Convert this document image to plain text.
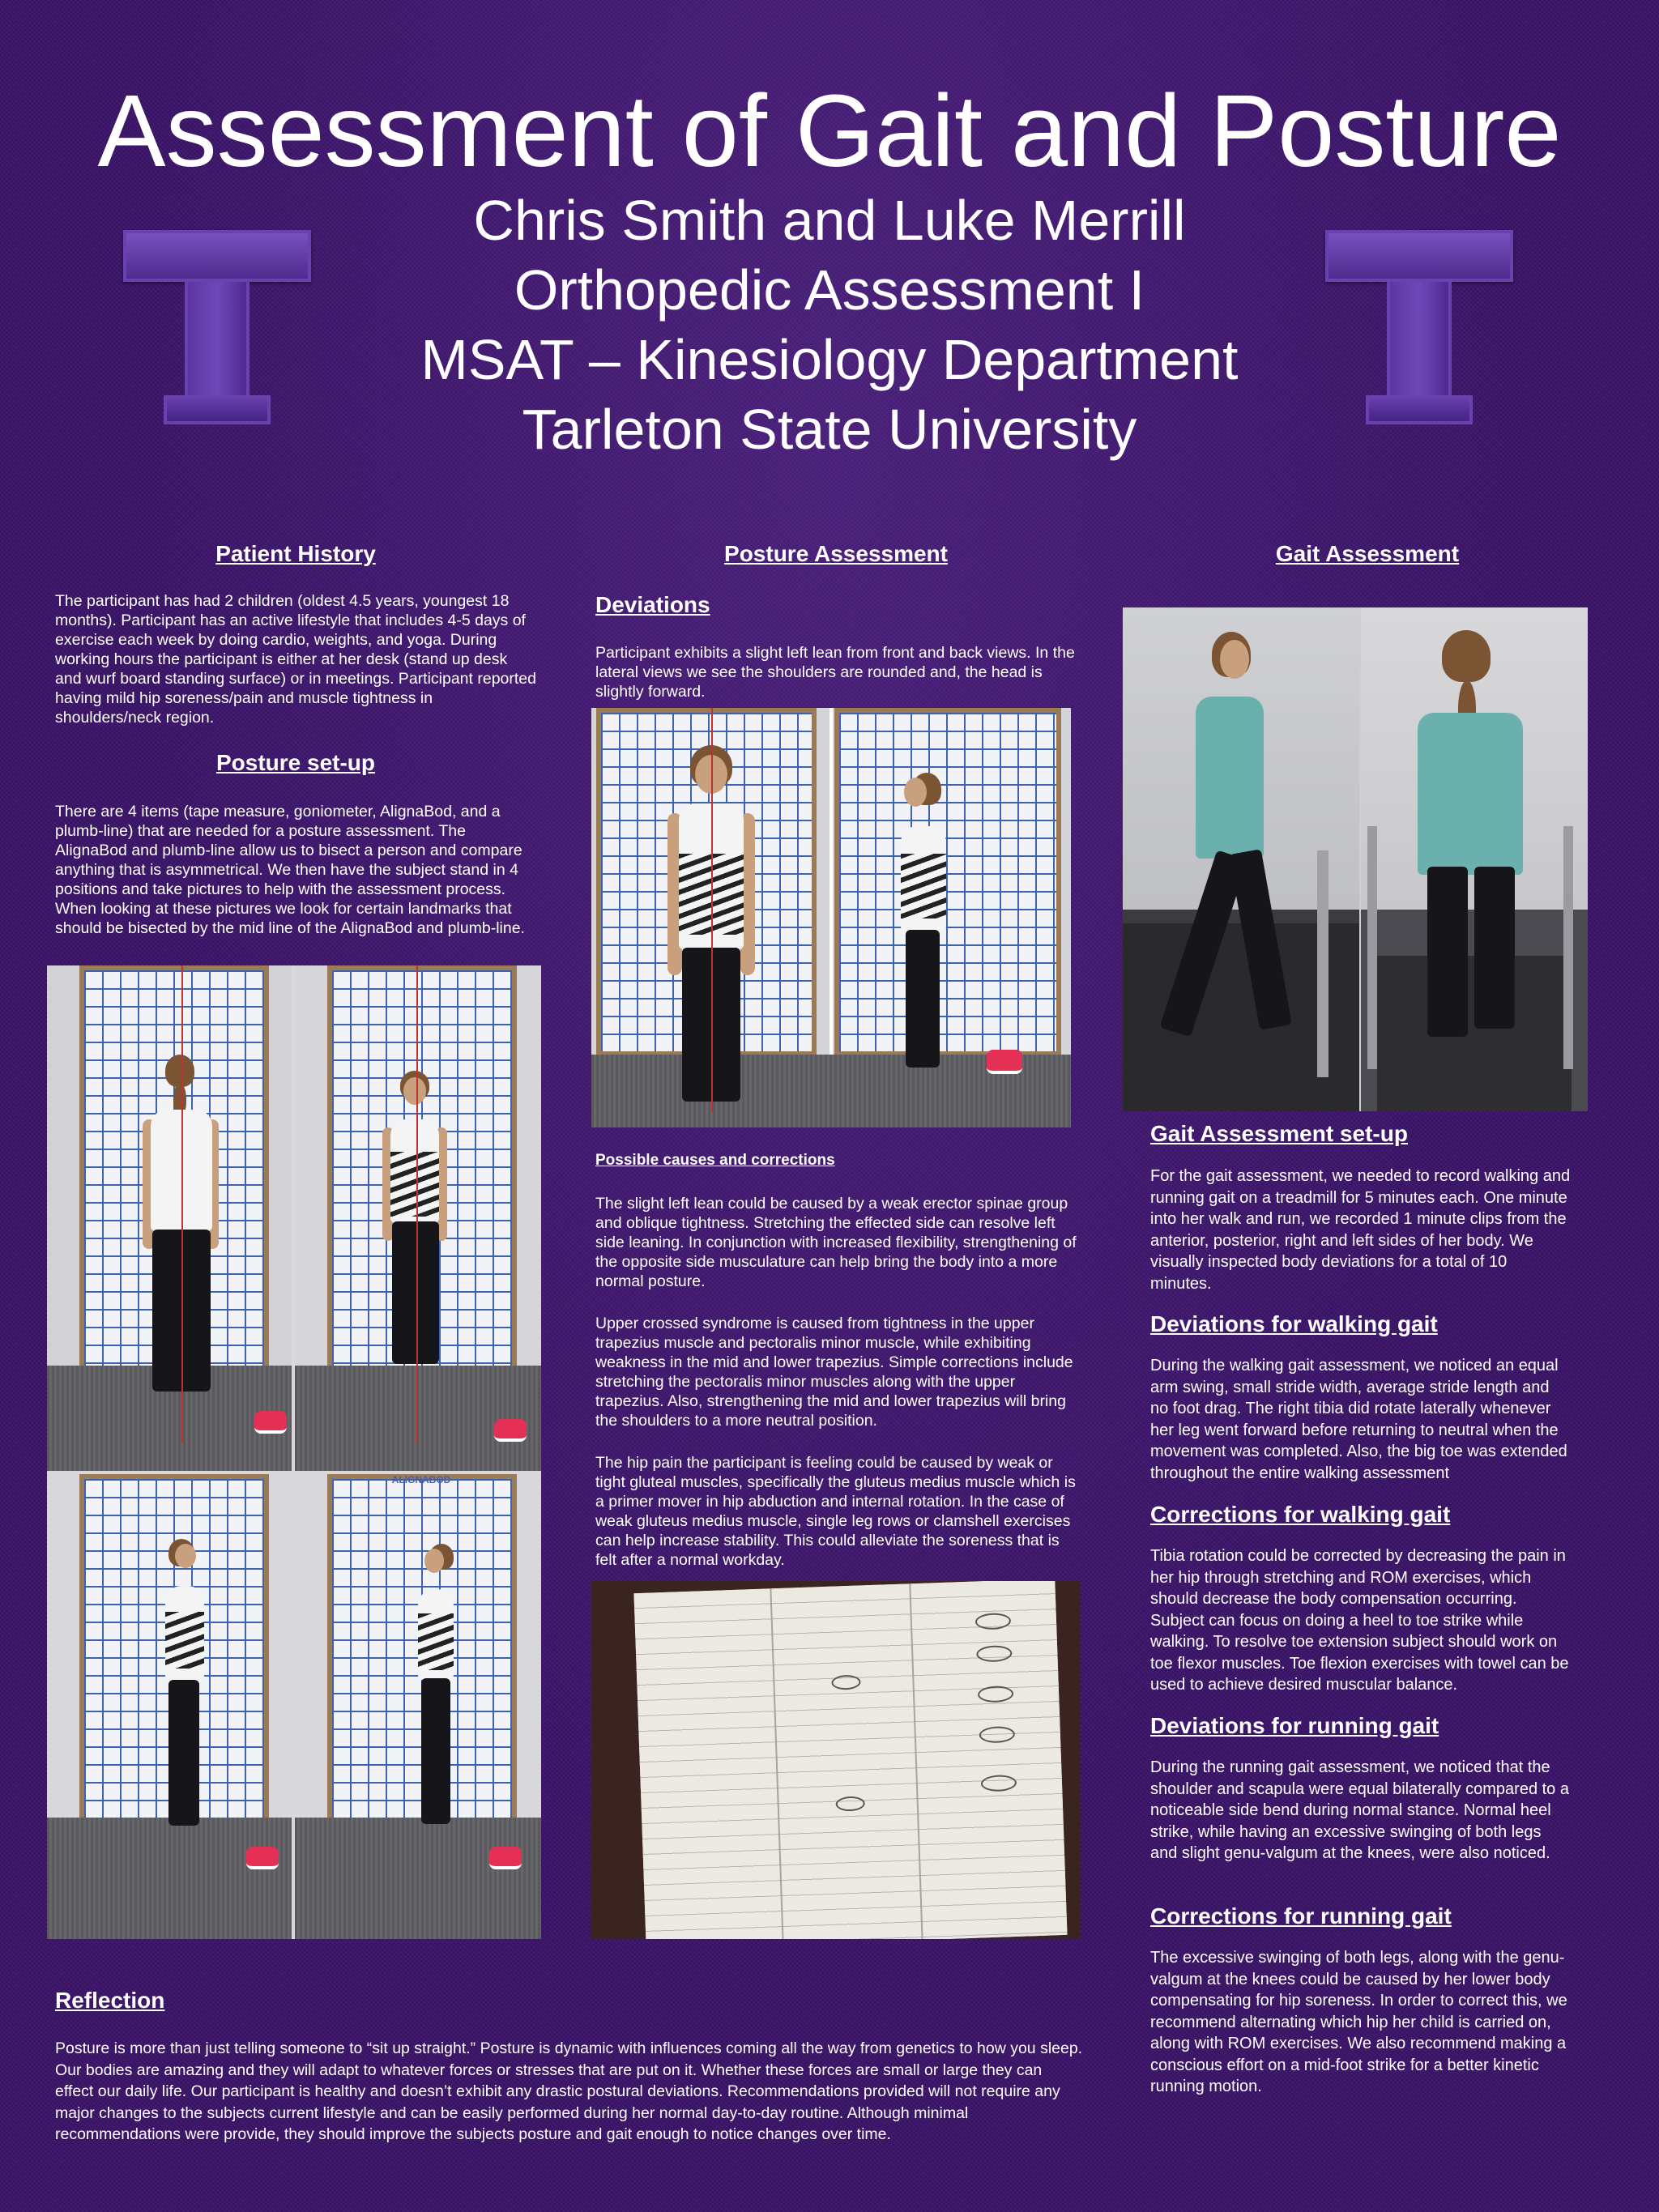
Assessment of Gait and Posture
Chris Smith and Luke Merrill
Orthopedic Assessment I
MSAT – Kinesiology Department
Tarleton State University
Patient History
The participant has had 2 children (oldest 4.5 years, youngest 18 months). Participant has an active lifestyle that includes 4-5 days of exercise each week by doing cardio, weights, and yoga. During working hours the participant is either at her desk (stand up desk and wurf board standing surface) or in meetings. Participant reported having mild hip soreness/pain and muscle tightness in shoulders/neck region.
Posture set-up
There are 4 items (tape measure, goniometer, AlignaBod, and a plumb-line) that are needed for a posture assessment. The AlignaBod and plumb-line allow us to bisect a person and compare anything that is asymmetrical. We then have the subject stand in 4 positions and take pictures to help with the assessment process. When looking at these pictures we look for certain landmarks that should be bisected by the mid line of the AlignaBod and plumb-line.
ALIGNABOD
Posture Assessment
Deviations
Participant exhibits a slight left lean from front and back views. In the lateral views we see the shoulders are rounded and, the head is slightly forward.
Possible causes and corrections
The slight left lean could be caused by a weak erector spinae group and oblique tightness. Stretching the effected side can resolve left side leaning. In conjunction with increased flexibility, strengthening of the opposite side musculature can help bring the body into a more normal posture.
Upper crossed syndrome is caused from tightness in the upper trapezius muscle and pectoralis minor muscle, while exhibiting weakness in the mid and lower trapezius. Simple corrections include stretching the pectoralis minor muscles along with the upper trapezius. Also, strengthening the mid and lower trapezius will bring the shoulders to a more neutral position.
The hip pain the participant is feeling could be caused by weak or tight gluteal muscles, specifically the gluteus medius muscle which is a primer mover in hip abduction and internal rotation. In the case of weak gluteus medius muscle, single leg rows or clamshell exercises can help increase stability. This could alleviate the soreness that is felt after a normal workday.
Gait Assessment
Gait Assessment set-up
For the gait assessment, we needed to record walking and running gait on a treadmill for 5 minutes each. One minute into her walk and run, we recorded 1 minute clips from the anterior, posterior, right and left sides of her body. We visually inspected body deviations for a total of 10 minutes.
Deviations for walking gait
During the walking gait assessment, we noticed an equal arm swing, small stride width, average stride length and no foot drag. The right tibia did rotate laterally whenever her leg went forward before returning to neutral when the movement was completed. Also, the big toe was extended throughout the entire walking assessment
Corrections for walking gait
Tibia rotation could be corrected by decreasing the pain in her hip through stretching and ROM exercises, which should decrease the body compensation occurring. Subject can focus on doing a heel to toe strike while walking. To resolve toe extension subject should work on toe flexor muscles. Toe flexion exercises with towel can be used to achieve desired muscular balance.
Deviations for running gait
During the running gait assessment, we noticed that the shoulder and scapula were equal bilaterally compared to a noticeable side bend during normal stance. Normal heel strike, while having an excessive swinging of both legs and slight genu-valgum at the knees, were also noticed.
Corrections for running gait
The excessive swinging of both legs, along with the genu-valgum at the knees could be caused by her lower body compensating for hip soreness. In order to correct this, we recommend alternating which hip her child is carried on, along with ROM exercises. We also recommend making a conscious effort on a mid-foot strike for a better kinetic running motion.
Reflection
Posture is more than just telling someone to “sit up straight.” Posture is dynamic with influences coming all the way from genetics to how you sleep. Our bodies are amazing and they will adapt to whatever forces or stresses that are put on it. Whether these forces are small or large they can effect our daily life. Our participant is healthy and doesn’t exhibit any drastic postural deviations. Recommendations provided will not require any major changes to the subjects current lifestyle and can be easily performed during her normal day-to-day routine. Although minimal recommendations were provide, they should improve the subjects posture and gait enough to notice changes over time.
